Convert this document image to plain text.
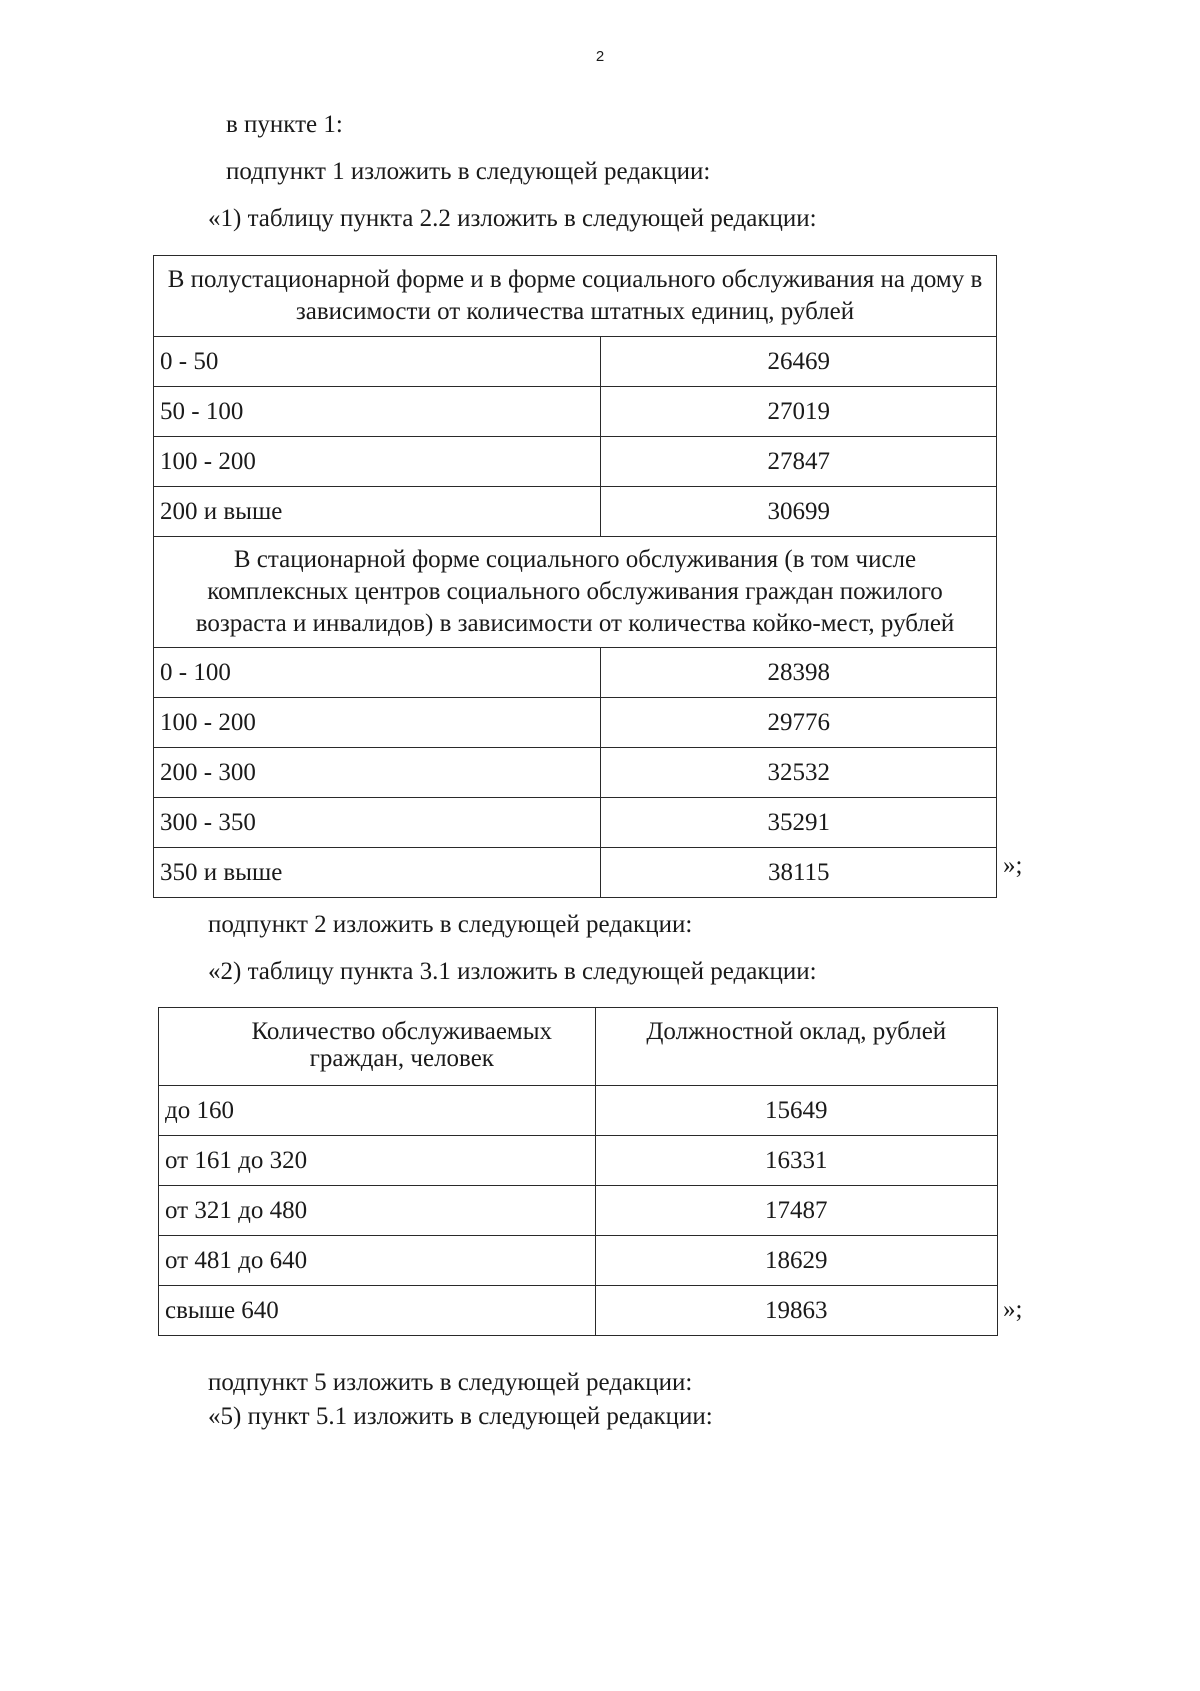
2
в пункте 1:
подпункт 1 изложить в следующей редакции:
«1) таблицу пункта 2.2 изложить в следующей редакции:
В полустационарной форме и в форме социального обслуживания на дому в зависимости от количества штатных единиц, рублей	
0 - 50	26469
50 - 100	27019
100 - 200	27847
200 и выше	30699
В стационарной форме социального обслуживания (в том числе комплексных центров социального обслуживания граждан пожилого возраста и инвалидов) в зависимости от количества койко-мест, рублей	
0 - 100	28398
100 - 200	29776
200 - 300	32532
300 - 350	35291
350 и выше	38115	»;
подпункт 2 изложить в следующей редакции:
«2) таблицу пункта 3.1 изложить в следующей редакции:
Количество обслуживаемых граждан, человек	Должностной оклад, рублей
до 160	15649
от 161 до 320	16331
от 321 до 480	17487
от 481 до 640	18629
свыше 640	19863	»;
подпункт 5 изложить в следующей редакции:
«5) пункт 5.1 изложить в следующей редакции:
